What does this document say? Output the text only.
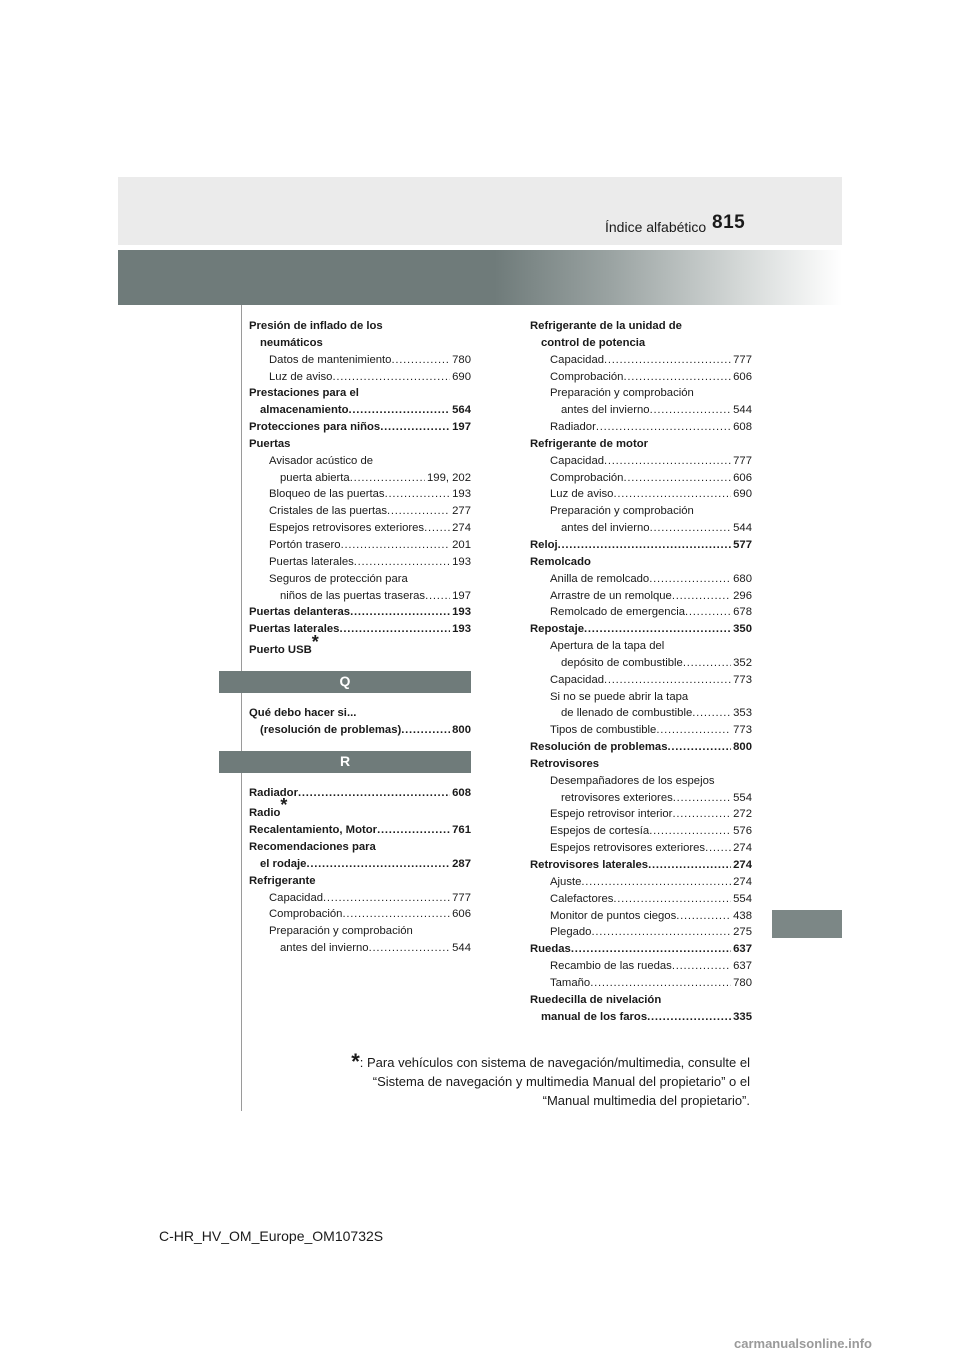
Índice alfabético 815
Presión de inflado de los
neumáticos
Datos de mantenimiento . . .	780
Luz de aviso . . .	690
Prestaciones para el
almacenamiento . . .	564
Protecciones para niños . . .	197
Puertas
Avisador acústico de
puerta abierta . . .	199, 202
Bloqueo de las puertas . . .	193
Cristales de las puertas . . .	277
Espejos retrovisores exteriores . . . 274
Portón trasero . . .	201
Puertas laterales . . .	193
Seguros de protección para
niños de las puertas traseras . . . 197
Puertas delanteras . . .	193
Puertas laterales . . .	193
Puerto USB*
Q
Qué debo hacer si...
(resolución de problemas) . . .	800
R
Radiador . . .	608
Radio*
Recalentamiento, Motor . . .	761
Recomendaciones para
el rodaje . . .	287
Refrigerante
Capacidad . . .	777
Comprobación . . .	606
Preparación y comprobación
antes del invierno . . .	544
Refrigerante de la unidad de
control de potencia
Capacidad . . .	777
Comprobación . . .	606
Preparación y comprobación
antes del invierno . . .	544
Radiador . . .	608
Refrigerante de motor
Capacidad . . .	777
Comprobación . . .	606
Luz de aviso . . .	690
Preparación y comprobación
antes del invierno . . .	544
Reloj . . .	577
Remolcado
Anilla de remolcado . . .	680
Arrastre de un remolque . . .	296
Remolcado de emergencia . . .	678
Repostaje . . .	350
Apertura de la tapa del
depósito de combustible . . .	352
Capacidad . . .	773
Si no se puede abrir la tapa
de llenado de combustible . . .	353
Tipos de combustible . . .	773
Resolución de problemas . . .	800
Retrovisores
Desempañadores de los espejos
retrovisores exteriores . . .	554
Espejo retrovisor interior . . .	272
Espejos de cortesía . . .	576
Espejos retrovisores exteriores . . . 274
Retrovisores laterales . . .	274
Ajuste . . .	274
Calefactores . . .	554
Monitor de puntos ciegos . . .	438
Plegado . . .	275
Ruedas . . .	637
Recambio de las ruedas . . .	637
Tamaño . . .	780
Ruedecilla de nivelación
manual de los faros . . .	335
*: Para vehículos con sistema de navegación/multimedia, consulte el
“Sistema de navegación y multimedia Manual del propietario” o el
“Manual multimedia del propietario”.
C-HR_HV_OM_Europe_OM10732S
carmanualsonline.info
